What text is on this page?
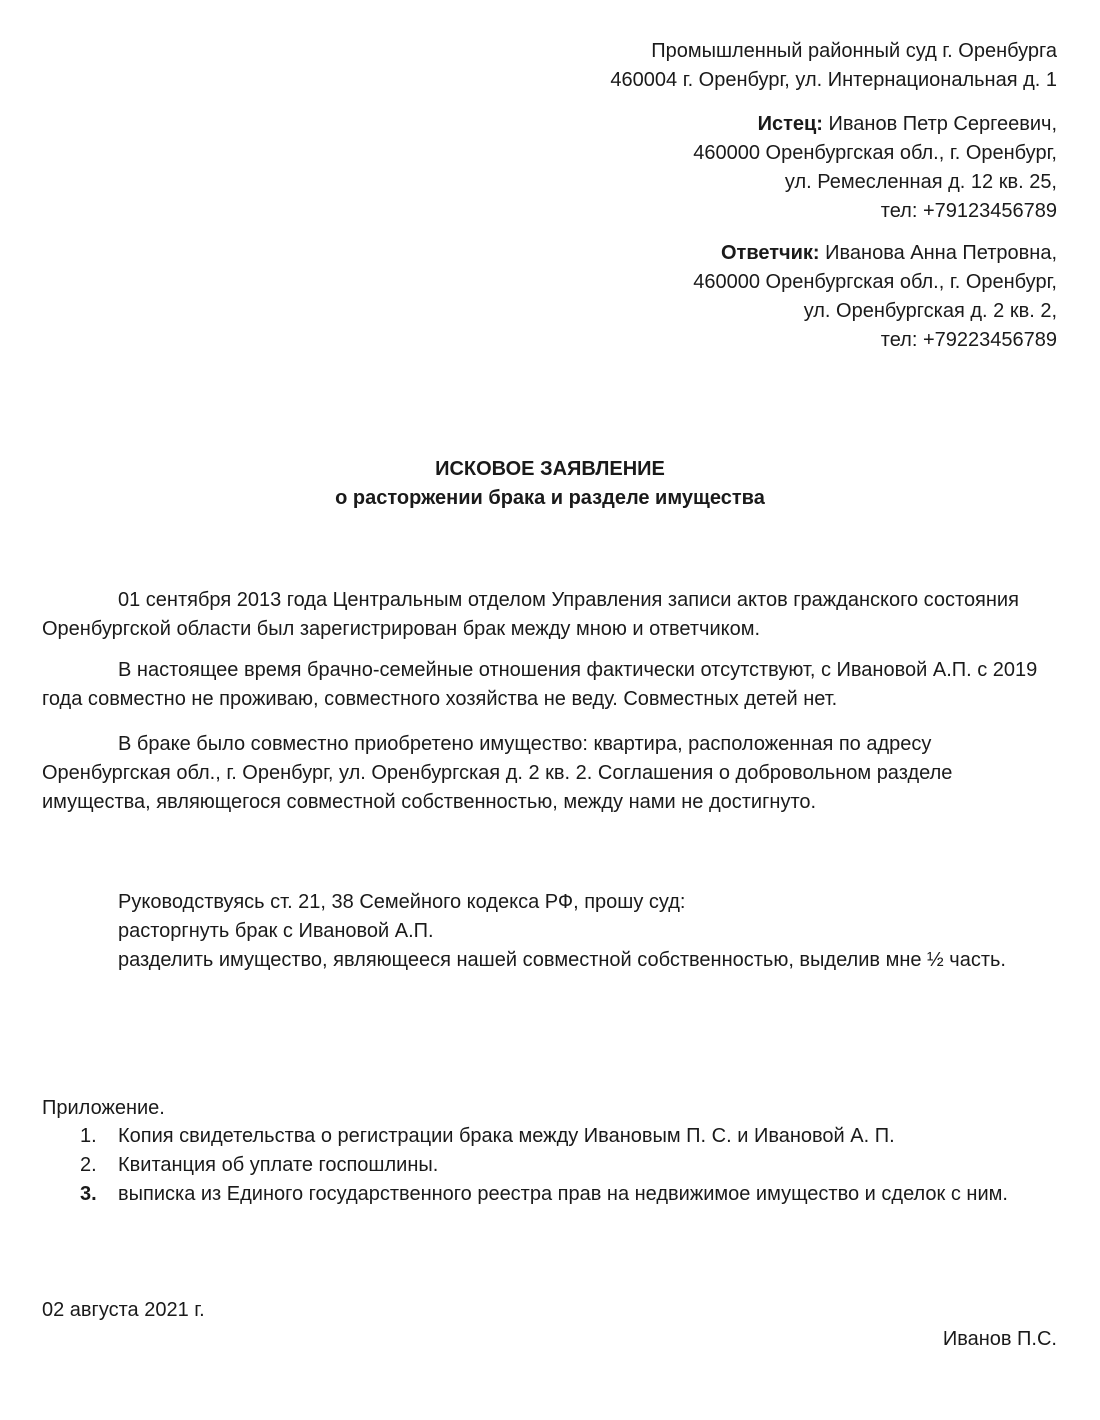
Промышленный районный суд г. Оренбурга
460004 г. Оренбург, ул. Интернациональная д. 1
Истец: Иванов Петр Сергеевич,
460000 Оренбургская обл., г. Оренбург,
ул. Ремесленная д. 12 кв. 25,
тел: +79123456789
Ответчик: Иванова Анна Петровна,
460000 Оренбургская обл., г. Оренбург,
ул. Оренбургская д. 2 кв. 2,
тел: +79223456789
ИСКОВОЕ ЗАЯВЛЕНИЕ
о расторжении брака и разделе имущества

01 сентября 2013 года Центральным отделом Управления записи актов гражданского состояния Оренбургской области был зарегистрирован брак между мною и ответчиком.

В настоящее время брачно-семейные отношения фактически отсутствуют, с Ивановой А.П. с 2019 года совместно не проживаю, совместного хозяйства не веду. Совместных детей нет.

В браке было совместно приобретено имущество: квартира, расположенная по адресу Оренбургская обл., г. Оренбург, ул. Оренбургская д. 2 кв. 2. Соглашения о добровольном разделе имущества, являющегося совместной собственностью, между нами не достигнуто.

Руководствуясь ст. 21, 38 Семейного кодекса РФ, прошу суд:
расторгнуть брак с Ивановой А.П.

разделить имущество, являющееся нашей совместной собственностью, выделив мне ½ часть.

Приложение.
1. Копия свидетельства о регистрации брака между Ивановым П. С. и Ивановой А. П.
2. Квитанция об уплате госпошлины.
3. выписка из Единого государственного реестра прав на недвижимое имущество и сделок с ним.
02 августа 2021 г.
Иванов П.С.
